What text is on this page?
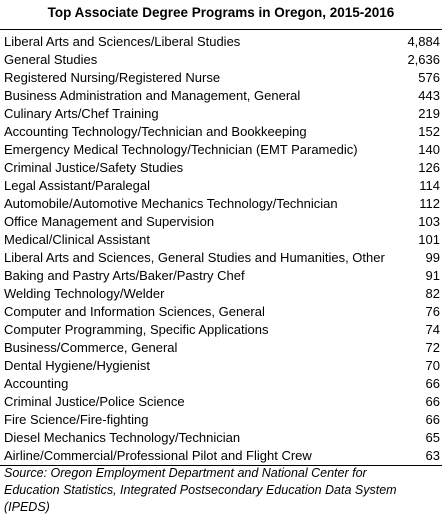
Top Associate Degree Programs in Oregon, 2015-2016
Liberal Arts and Sciences/Liberal Studies	4,884
General Studies	2,636
Registered Nursing/Registered Nurse	576
Business Administration and Management, General	443
Culinary Arts/Chef Training	219
Accounting Technology/Technician and Bookkeeping	152
Emergency Medical Technology/Technician (EMT Paramedic)	140
Criminal Justice/Safety Studies	126
Legal Assistant/Paralegal	114
Automobile/Automotive Mechanics Technology/Technician	112
Office Management and Supervision	103
Medical/Clinical Assistant	101
Liberal Arts and Sciences, General Studies and Humanities, Other	99
Baking and Pastry Arts/Baker/Pastry Chef	91
Welding Technology/Welder	82
Computer and Information Sciences, General	76
Computer Programming, Specific Applications	74
Business/Commerce, General	72
Dental Hygiene/Hygienist	70
Accounting	66
Criminal Justice/Police Science	66
Fire Science/Fire-fighting	66
Diesel Mechanics Technology/Technician	65
Airline/Commercial/Professional Pilot and Flight Crew	63
Source: Oregon Employment Department and National Center for Education Statistics, Integrated Postsecondary Education Data System (IPEDS)
